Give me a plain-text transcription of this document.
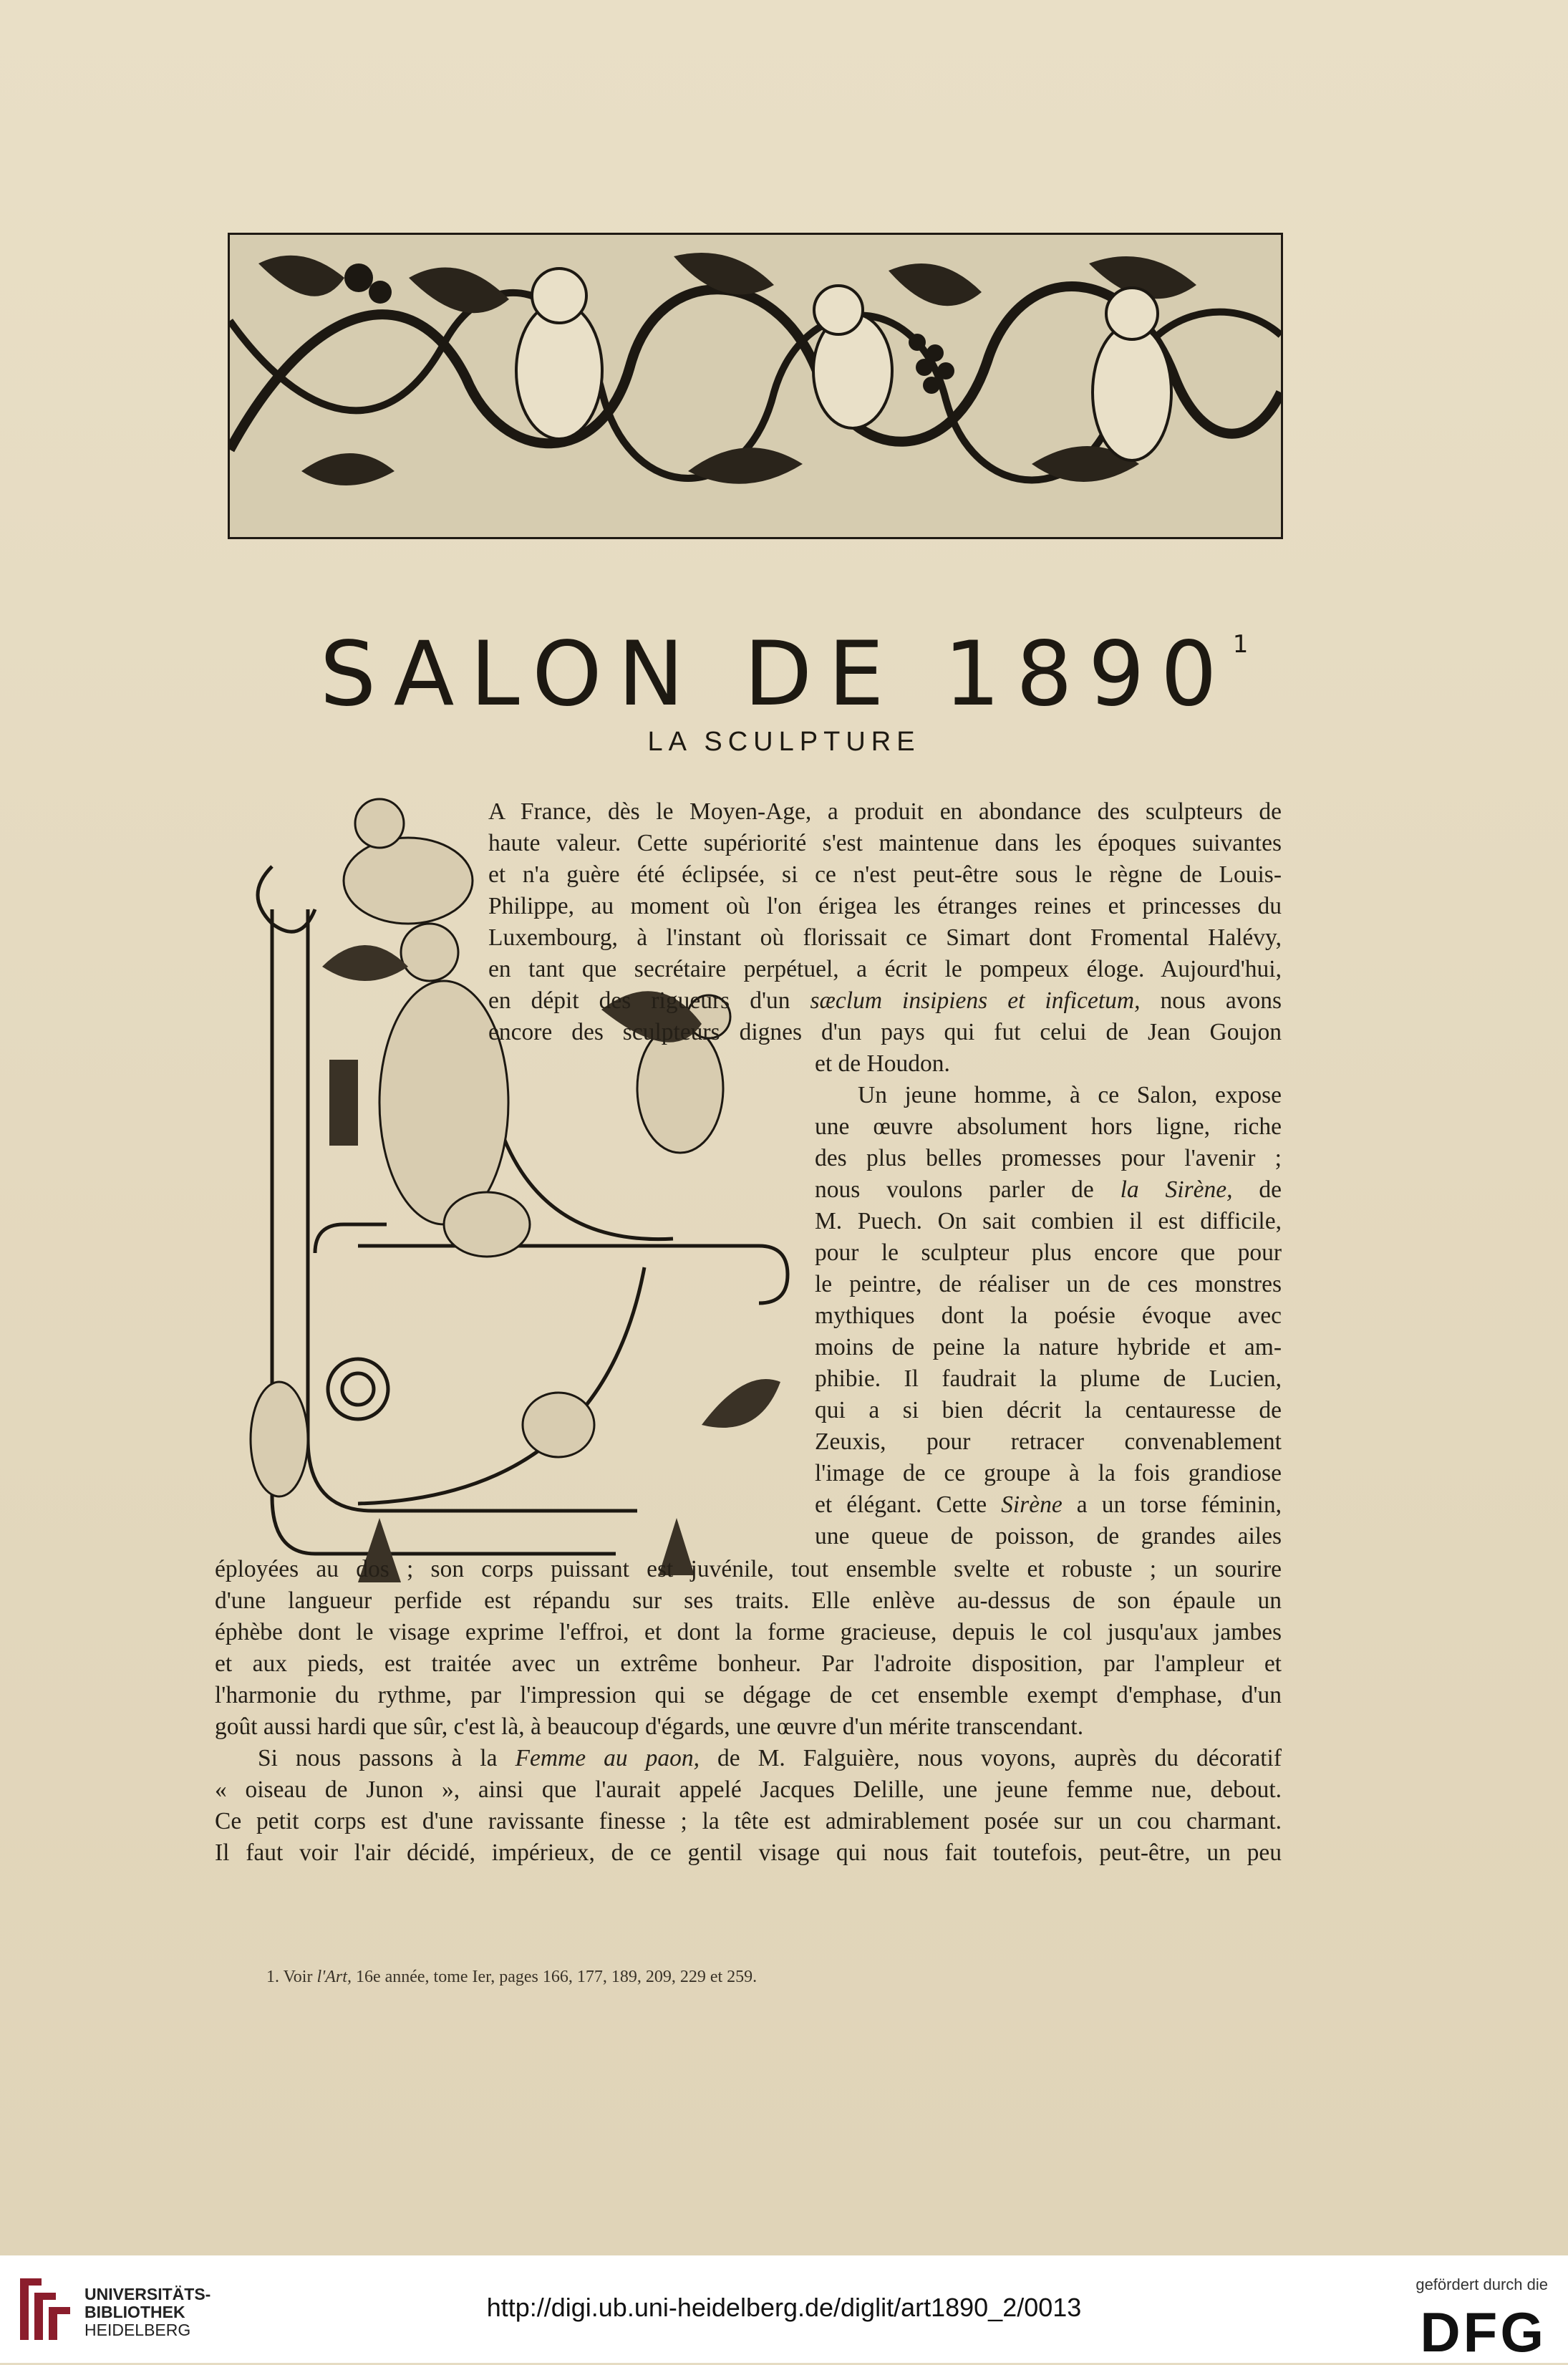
SALON DE 1890$^1$
LA SCULPTURE
A France, dès le Moyen-Age, a produit en abondance des sculpteurs de
haute valeur. Cette supériorité s'est maintenue dans les époques suivantes
et n'a guère été éclipsée, si ce n'est peut-être sous le règne de Louis-
Philippe, au moment où l'on érigea les étranges reines et princesses du
Luxembourg, à l'instant où florissait ce Simart dont Fromental Halévy,
en tant que secrétaire perpétuel, a écrit le pompeux éloge. Aujourd'hui,
en dépit des rigueurs d'un sæclum insipiens et inficetum, nous avons
encore des sculpteurs dignes d'un pays qui fut celui de Jean Goujon
et de Houdon.
Un jeune homme, à ce Salon, expose
une œuvre absolument hors ligne, riche
des plus belles promesses pour l'avenir ;
nous voulons parler de la Sirène, de
M. Puech. On sait combien il est difficile,
pour le sculpteur plus encore que pour
le peintre, de réaliser un de ces monstres
mythiques dont la poésie évoque avec
moins de peine la nature hybride et am-
phibie. Il faudrait la plume de Lucien,
qui a si bien décrit la centauresse de
Zeuxis, pour retracer convenablement
l'image de ce groupe à la fois grandiose
et élégant. Cette Sirène a un torse féminin,
une queue de poisson, de grandes ailes
éployées au dos ; son corps puissant est juvénile, tout ensemble svelte et robuste ; un sourire
d'une langueur perfide est répandu sur ses traits. Elle enlève au-dessus de son épaule un
éphèbe dont le visage exprime l'effroi, et dont la forme gracieuse, depuis le col jusqu'aux jambes
et aux pieds, est traitée avec un extrême bonheur. Par l'adroite disposition, par l'ampleur et
l'harmonie du rythme, par l'impression qui se dégage de cet ensemble exempt d'emphase, d'un
goût aussi hardi que sûr, c'est là, à beaucoup d'égards, une œuvre d'un mérite transcendant.
Si nous passons à la Femme au paon, de M. Falguière, nous voyons, auprès du décoratif
« oiseau de Junon », ainsi que l'aurait appelé Jacques Delille, une jeune femme nue, debout.
Ce petit corps est d'une ravissante finesse ; la tête est admirablement posée sur un cou charmant.
Il faut voir l'air décidé, impérieux, de ce gentil visage qui nous fait toutefois, peut-être, un peu
1. Voir l'Art, 16e année, tome Ier, pages 166, 177, 189, 209, 229 et 259.
UNIVERSITÄTS-
BIBLIOTHEK
HEIDELBERG
http://digi.ub.uni-heidelberg.de/diglit/art1890_2/0013
gefördert durch die
DFG
